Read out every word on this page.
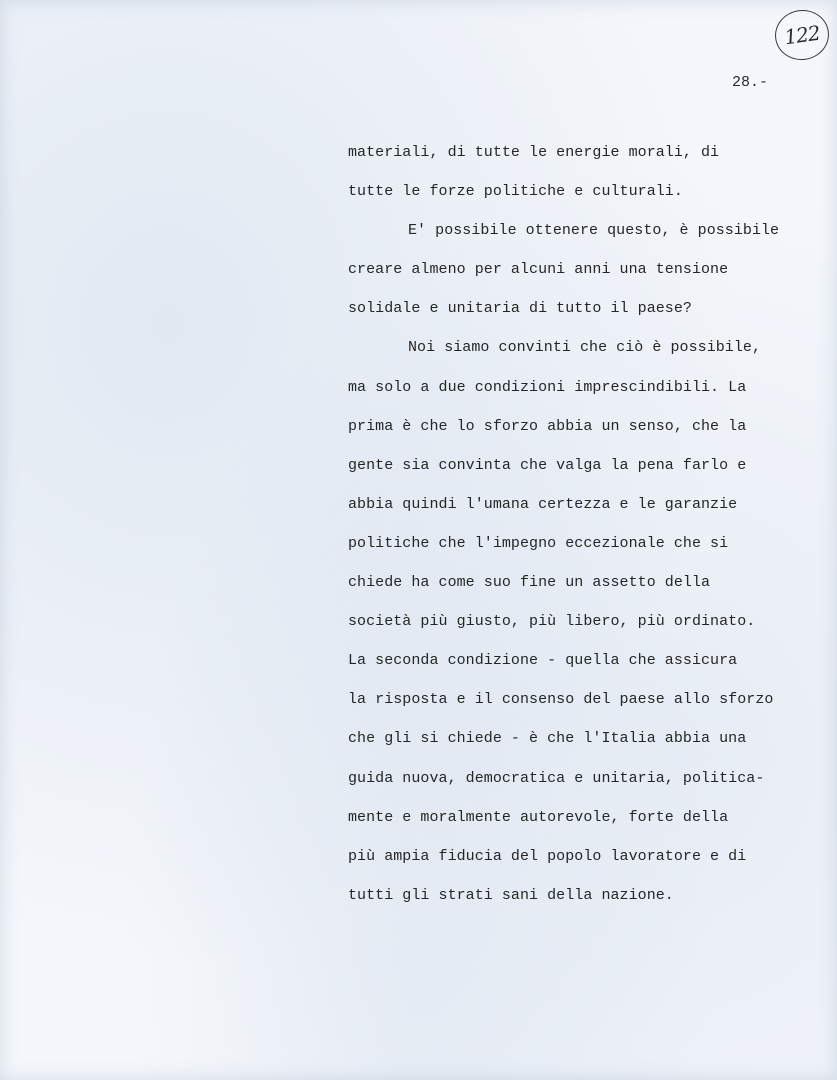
122
28.-
materiali, di tutte le energie morali, di
tutte le forze politiche e culturali.
E' possibile ottenere questo, è possibile
creare almeno per alcuni anni una tensione
solidale e unitaria di tutto il paese?
Noi siamo convinti che ciò è possibile,
ma solo a due condizioni imprescindibili. La
prima è che lo sforzo abbia un senso, che la
gente sia convinta che valga la pena farlo e
abbia quindi l'umana certezza e le garanzie
politiche che l'impegno eccezionale che si
chiede ha come suo fine un assetto della
società più giusto, più libero, più ordinato.
La seconda condizione - quella che assicura
la risposta e il consenso del paese allo sforzo
che gli si chiede - è che l'Italia abbia una
guida nuova, democratica e unitaria, politica-
mente e moralmente autorevole, forte della
più ampia fiducia del popolo lavoratore e di
tutti gli strati sani della nazione.
